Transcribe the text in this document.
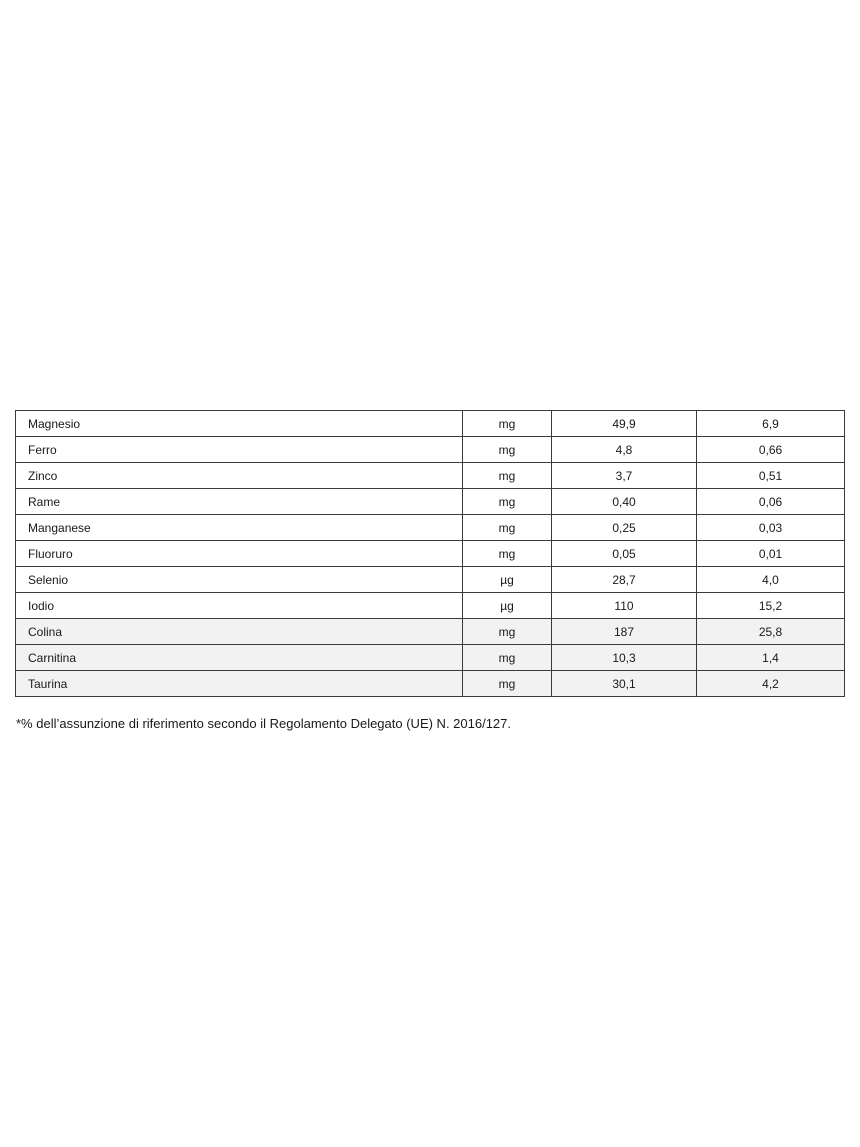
Magnesio	mg	49,9	6,9
Ferro	mg	4,8	0,66
Zinco	mg	3,7	0,51
Rame	mg	0,40	0,06
Manganese	mg	0,25	0,03
Fluoruro	mg	0,05	0,01
Selenio	µg	28,7	4,0
Iodio	µg	110	15,2
Colina	mg	187	25,8
Carnitina	mg	10,3	1,4
Taurina	mg	30,1	4,2
*% dell’assunzione di riferimento secondo il Regolamento Delegato (UE) N. 2016/127.
